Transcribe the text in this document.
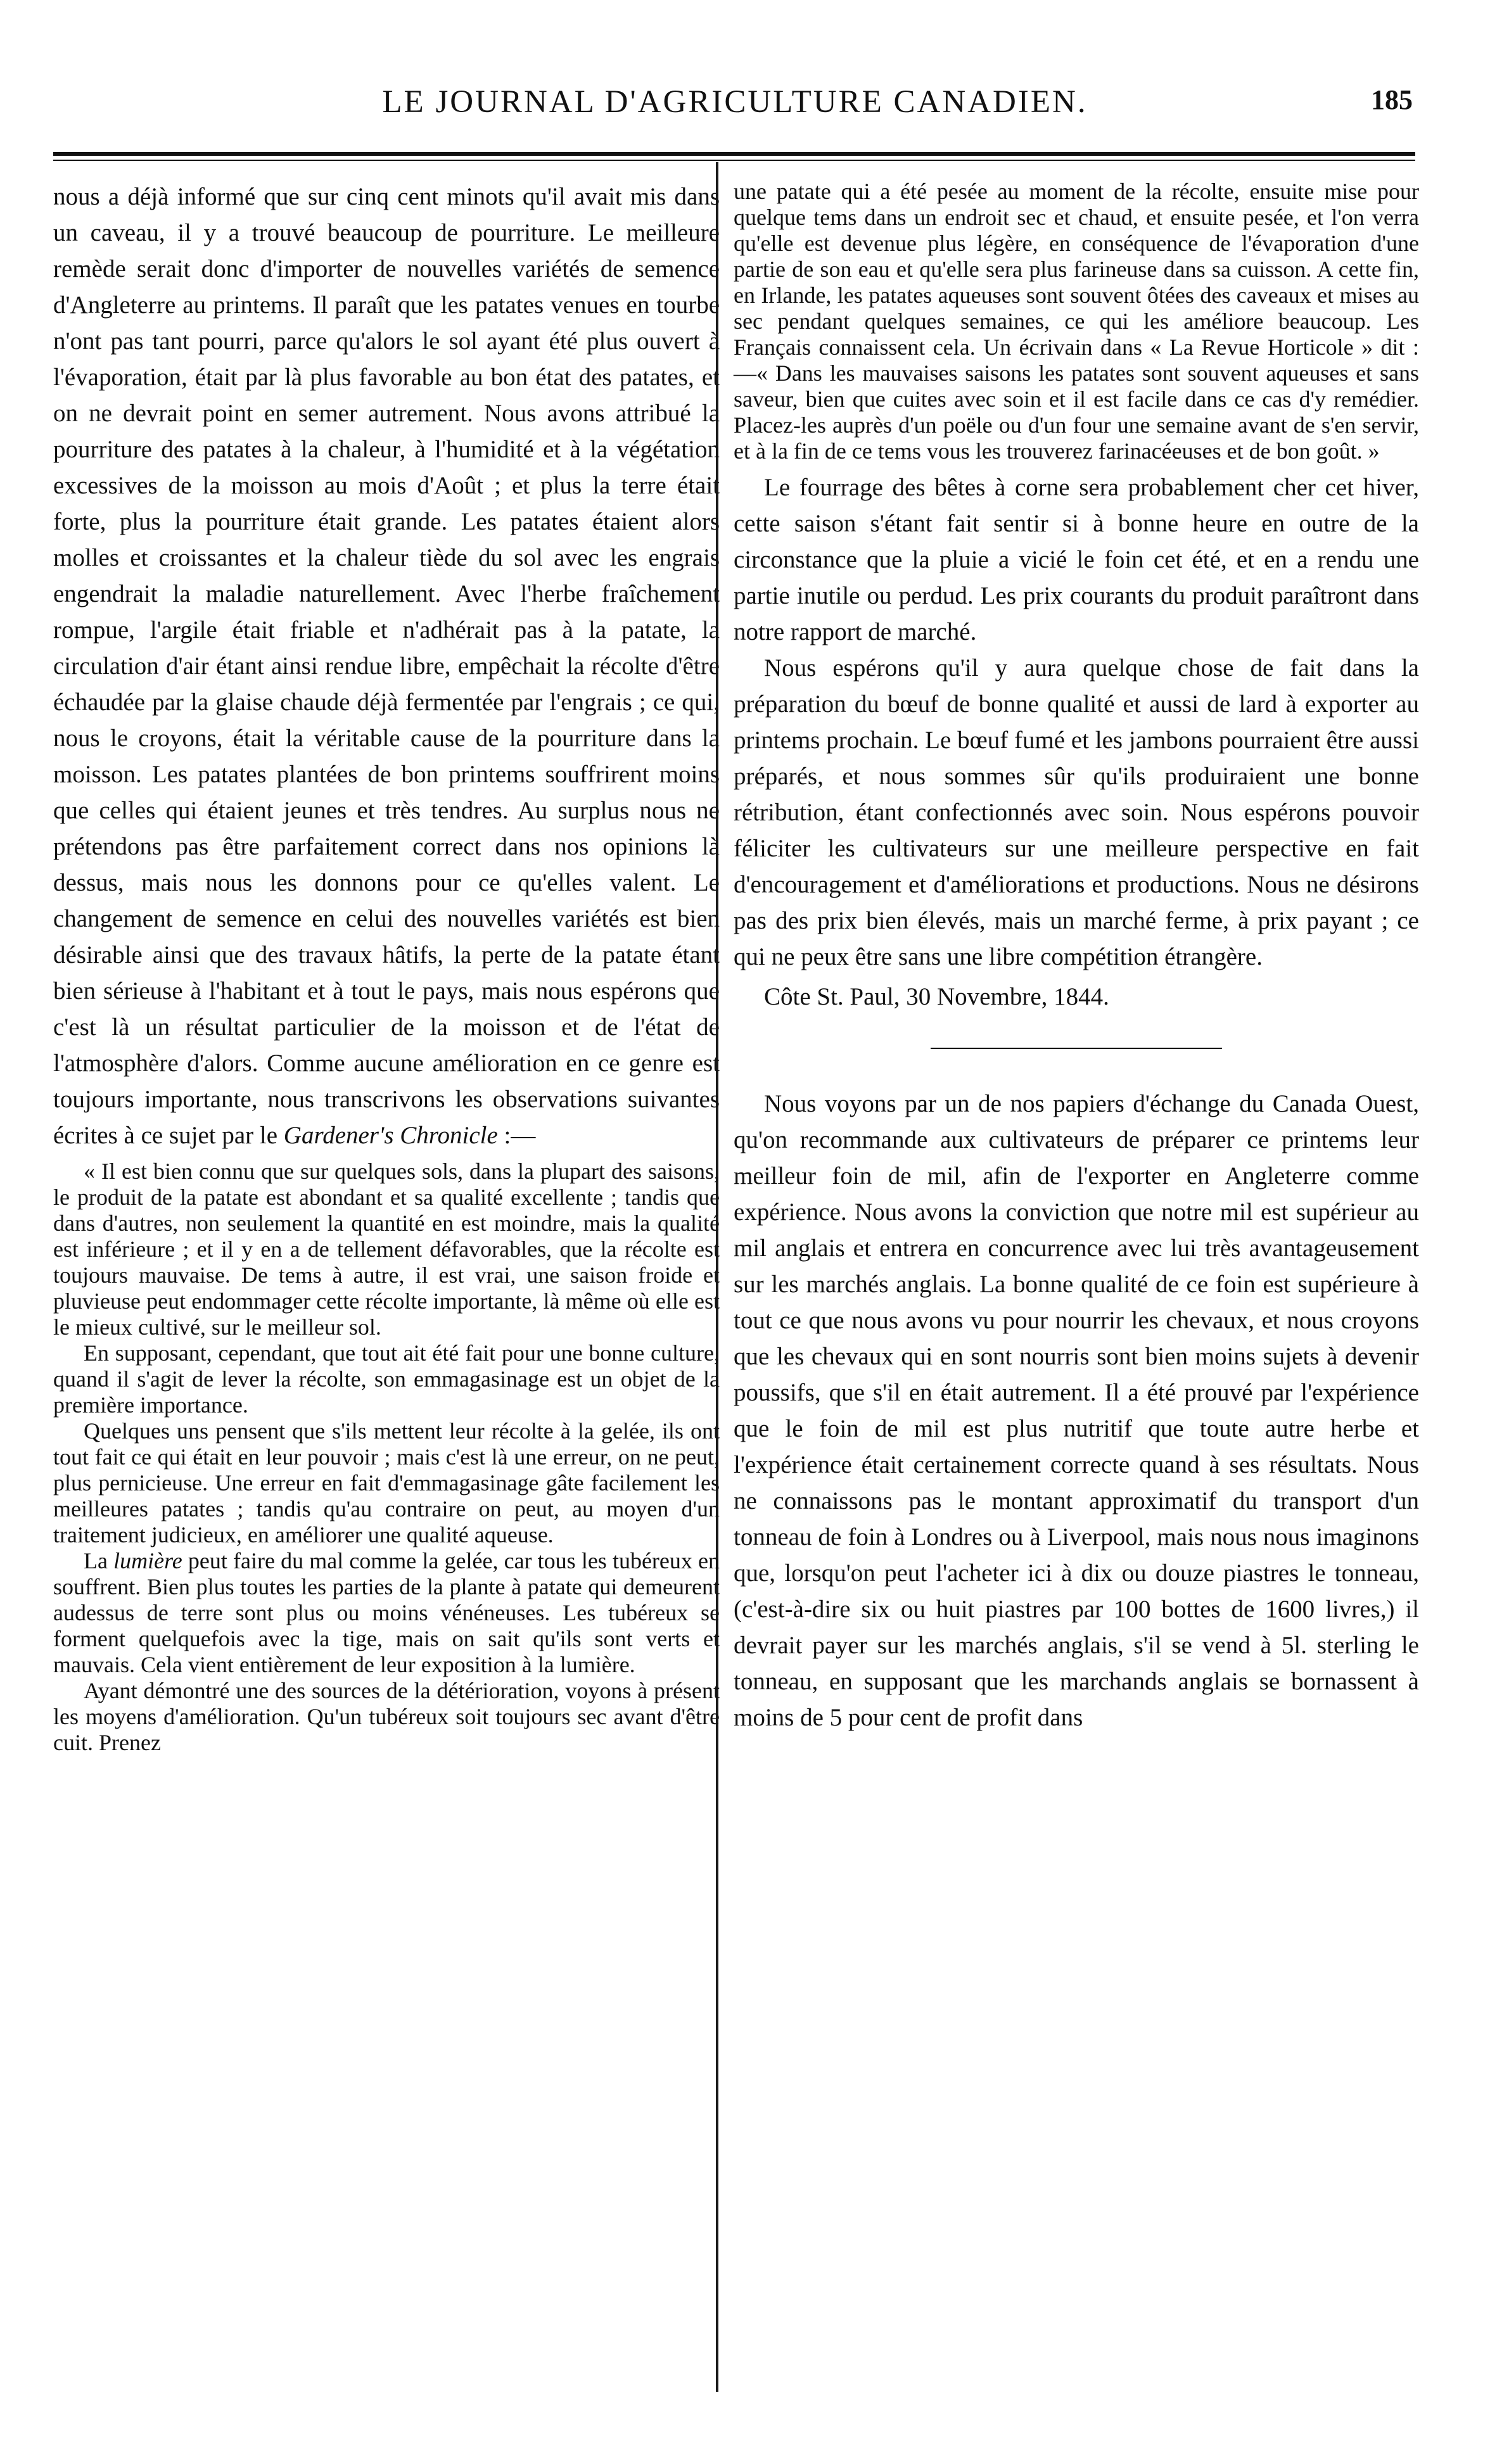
LE JOURNAL D'AGRICULTURE CANADIEN.	185

nous a déjà informé que sur cinq cent minots qu'il avait mis dans un caveau, il y a trouvé beaucoup de pourriture. Le meilleure remède serait donc d'importer de nouvelles variétés de semence d'Angleterre au printems. Il paraît que les patates venues en tourbe n'ont pas tant pourri, parce qu'alors le sol ayant été plus ouvert à l'évaporation, était par là plus favorable au bon état des patates, et on ne devrait point en semer autrement. Nous avons attribué la pourriture des patates à la chaleur, à l'humidité et à la végétation excessives de la moisson au mois d'Août ; et plus la terre était forte, plus la pourriture était grande. Les patates étaient alors molles et croissantes et la chaleur tiède du sol avec les engrais engendrait la maladie naturellement. Avec l'herbe fraîchement rompue, l'argile était friable et n'adhérait pas à la patate, la circulation d'air étant ainsi rendue libre, empêchait la récolte d'être échaudée par la glaise chaude déjà fermentée par l'engrais ; ce qui, nous le croyons, était la véritable cause de la pourriture dans la moisson. Les patates plantées de bon printems souffrirent moins que celles qui étaient jeunes et très tendres. Au surplus nous ne prétendons pas être parfaitement correct dans nos opinions là dessus, mais nous les donnons pour ce qu'elles valent. Le changement de semence en celui des nouvelles variétés est bien désirable ainsi que des travaux hâtifs, la perte de la patate étant bien sérieuse à l'habitant et à tout le pays, mais nous espérons que c'est là un résultat particulier de la moisson et de l'état de l'atmosphère d'alors. Comme aucune amélioration en ce genre est toujours importante, nous transcrivons les observations suivantes écrites à ce sujet par le Gardener's Chronicle :—

« Il est bien connu que sur quelques sols, dans la plupart des saisons, le produit de la patate est abondant et sa qualité excellente ; tandis que dans d'autres, non seulement la quantité en est moindre, mais la qualité est inférieure ; et il y en a de tellement défavorables, que la récolte est toujours mauvaise. De tems à autre, il est vrai, une saison froide et pluvieuse peut endommager cette récolte importante, là même où elle est le mieux cultivé, sur le meilleur sol.

En supposant, cependant, que tout ait été fait pour une bonne culture, quand il s'agit de lever la récolte, son emmagasinage est un objet de la première importance.

Quelques uns pensent que s'ils mettent leur récolte à la gelée, ils ont tout fait ce qui était en leur pouvoir ; mais c'est là une erreur, on ne peut, plus pernicieuse. Une erreur en fait d'emmagasinage gâte facilement les meilleures patates ; tandis qu'au contraire on peut, au moyen d'un traitement judicieux, en améliorer une qualité aqueuse.

La lumière peut faire du mal comme la gelée, car tous les tubéreux en souffrent. Bien plus toutes les parties de la plante à patate qui demeurent audessus de terre sont plus ou moins vénéneuses. Les tubéreux se forment quelquefois avec la tige, mais on sait qu'ils sont verts et mauvais. Cela vient entièrement de leur exposition à la lumière.

Ayant démontré une des sources de la détérioration, voyons à présent les moyens d'amélioration. Qu'un tubéreux soit toujours sec avant d'être cuit. Prenez

une patate qui a été pesée au moment de la récolte, ensuite mise pour quelque tems dans un endroit sec et chaud, et ensuite pesée, et l'on verra qu'elle est devenue plus légère, en conséquence de l'évaporation d'une partie de son eau et qu'elle sera plus farineuse dans sa cuisson. A cette fin, en Irlande, les patates aqueuses sont souvent ôtées des caveaux et mises au sec pendant quelques semaines, ce qui les améliore beaucoup. Les Français connaissent cela. Un écrivain dans « La Revue Horticole » dit :—« Dans les mauvaises saisons les patates sont souvent aqueuses et sans saveur, bien que cuites avec soin et il est facile dans ce cas d'y remédier. Placez-les auprès d'un poële ou d'un four une semaine avant de s'en servir, et à la fin de ce tems vous les trouverez farinacéeuses et de bon goût. »

Le fourrage des bêtes à corne sera probablement cher cet hiver, cette saison s'étant fait sentir si à bonne heure en outre de la circonstance que la pluie a vicié le foin cet été, et en a rendu une partie inutile ou perdud. Les prix courants du produit paraîtront dans notre rapport de marché.

Nous espérons qu'il y aura quelque chose de fait dans la préparation du bœuf de bonne qualité et aussi de lard à exporter au printems prochain. Le bœuf fumé et les jambons pourraient être aussi préparés, et nous sommes sûr qu'ils produiraient une bonne rétribution, étant confectionnés avec soin. Nous espérons pouvoir féliciter les cultivateurs sur une meilleure perspective en fait d'encouragement et d'améliorations et productions. Nous ne désirons pas des prix bien élevés, mais un marché ferme, à prix payant ; ce qui ne peux être sans une libre compétition étrangère.

Côte St. Paul, 30 Novembre, 1844.

Nous voyons par un de nos papiers d'échange du Canada Ouest, qu'on recommande aux cultivateurs de préparer ce printems leur meilleur foin de mil, afin de l'exporter en Angleterre comme expérience. Nous avons la conviction que notre mil est supérieur au mil anglais et entrera en concurrence avec lui très avantageusement sur les marchés anglais. La bonne qualité de ce foin est supérieure à tout ce que nous avons vu pour nourrir les chevaux, et nous croyons que les chevaux qui en sont nourris sont bien moins sujets à devenir poussifs, que s'il en était autrement. Il a été prouvé par l'expérience que le foin de mil est plus nutritif que toute autre herbe et l'expérience était certainement correcte quand à ses résultats. Nous ne connaissons pas le montant approximatif du transport d'un tonneau de foin à Londres ou à Liverpool, mais nous nous imaginons que, lorsqu'on peut l'acheter ici à dix ou douze piastres le tonneau, (c'est-à-dire six ou huit piastres par 100 bottes de 1600 livres,) il devrait payer sur les marchés anglais, s'il se vend à 5l. sterling le tonneau, en supposant que les marchands anglais se bornassent à moins de 5 pour cent de profit dans
